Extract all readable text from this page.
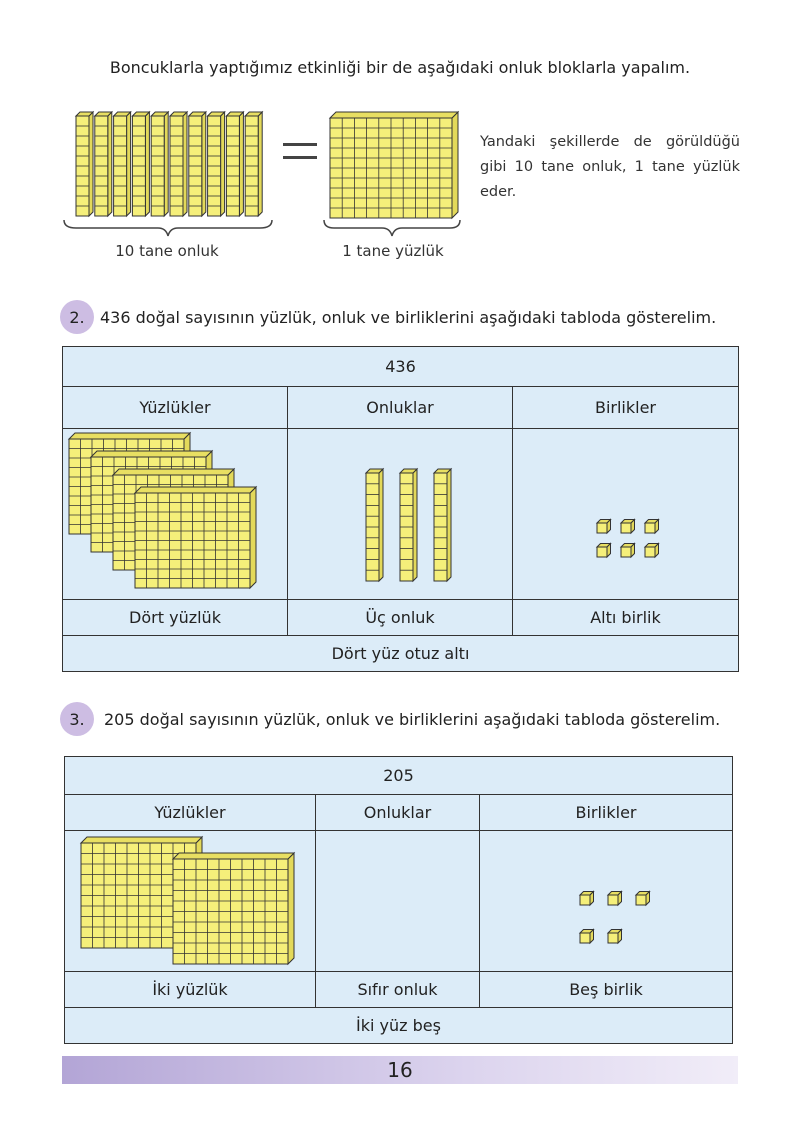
Boncuklarla yaptığımız etkinliği bir de aşağıdaki onluk bloklarla yapalım.
10 tane onluk	1 tane yüzlük
Yandaki şekillerde de görüldüğü gibi 10 tane onluk, 1 tane yüzlük eder.
2. 436 doğal sayısının yüzlük, onluk ve birliklerini aşağıdaki tabloda gösterelim.
436		
Yüzlükler	Onluklar	Birlikler

Dört yüzlük	Üç onluk	Altı birlik
Dört yüz otuz altı		
3.	205 doğal sayısının yüzlük, onluk ve birliklerini aşağıdaki tabloda gösterelim.
205		
Yüzlükler	Onluklar	Birlikler

İki yüzlük	Sıfır onluk	Beş birlik
İki yüz beş		
16
